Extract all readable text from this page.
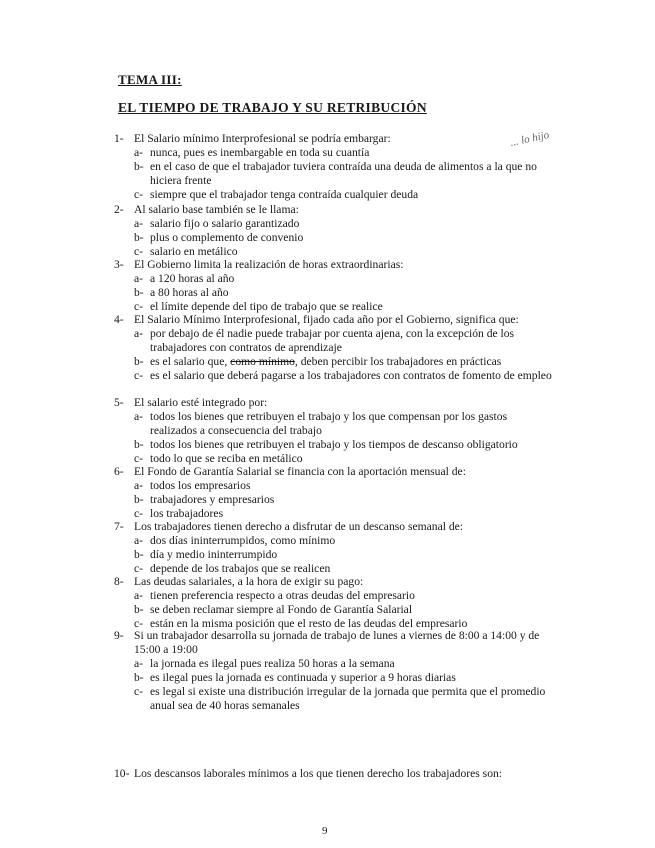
TEMA III:
EL TIEMPO DE TRABAJO Y SU RETRIBUCIÓN
... lo hijo
1- El Salario mínimo Interprofesional se podría embargar:
a- nunca, pues es inembargable en toda su cuantía
b- en el caso de que el trabajador tuviera contraída una deuda de alimentos a la que no hiciera frente
c- siempre que el trabajador tenga contraída cualquier deuda
2- Al salario base también se le llama:
a- salario fijo o salario garantizado
b- plus o complemento de convenio
c- salario en metálico
3- El Gobierno limita la realización de horas extraordinarias:
a- a 120 horas al año
b- a 80 horas al año
c- el límite depende del tipo de trabajo que se realice
4- El Salario Mínimo Interprofesional, fijado cada año por el Gobierno, significa que:
a- por debajo de él nadie puede trabajar por cuenta ajena, con la excepción de los trabajadores con contratos de aprendizaje
b- es el salario que, como mínimo, deben percibir los trabajadores en prácticas
c- es el salario que deberá pagarse a los trabajadores con contratos de fomento de empleo
5- El salario esté integrado por:
a- todos los bienes que retribuyen el trabajo y los que compensan por los gastos realizados a consecuencia del trabajo
b- todos los bienes que retribuyen el trabajo y los tiempos de descanso obligatorio
c- todo lo que se reciba en metálico
6- El Fondo de Garantía Salarial se financia con la aportación mensual de:
a- todos los empresarios
b- trabajadores y empresarios
c- los trabajadores
7- Los trabajadores tienen derecho a disfrutar de un descanso semanal de:
a- dos días ininterrumpidos, como mínimo
b- día y medio ininterrumpido
c- depende de los trabajos que se realicen
8- Las deudas salariales, a la hora de exigir su pago:
a- tienen preferencia respecto a otras deudas del empresario
b- se deben reclamar siempre al Fondo de Garantía Salarial
c- están en la misma posición que el resto de las deudas del empresario
9- Si un trabajador desarrolla su jornada de trabajo de lunes a viernes de 8:00 a 14:00 y de 15:00 a 19:00
a- la jornada es ilegal pues realiza 50 horas a la semana
b- es ilegal pues la jornada es continuada y superior a 9 horas diarias
c- es legal si existe una distribución irregular de la jornada que permita que el promedio anual sea de 40 horas semanales
10- Los descansos laborales mínimos a los que tienen derecho los trabajadores son:
9
